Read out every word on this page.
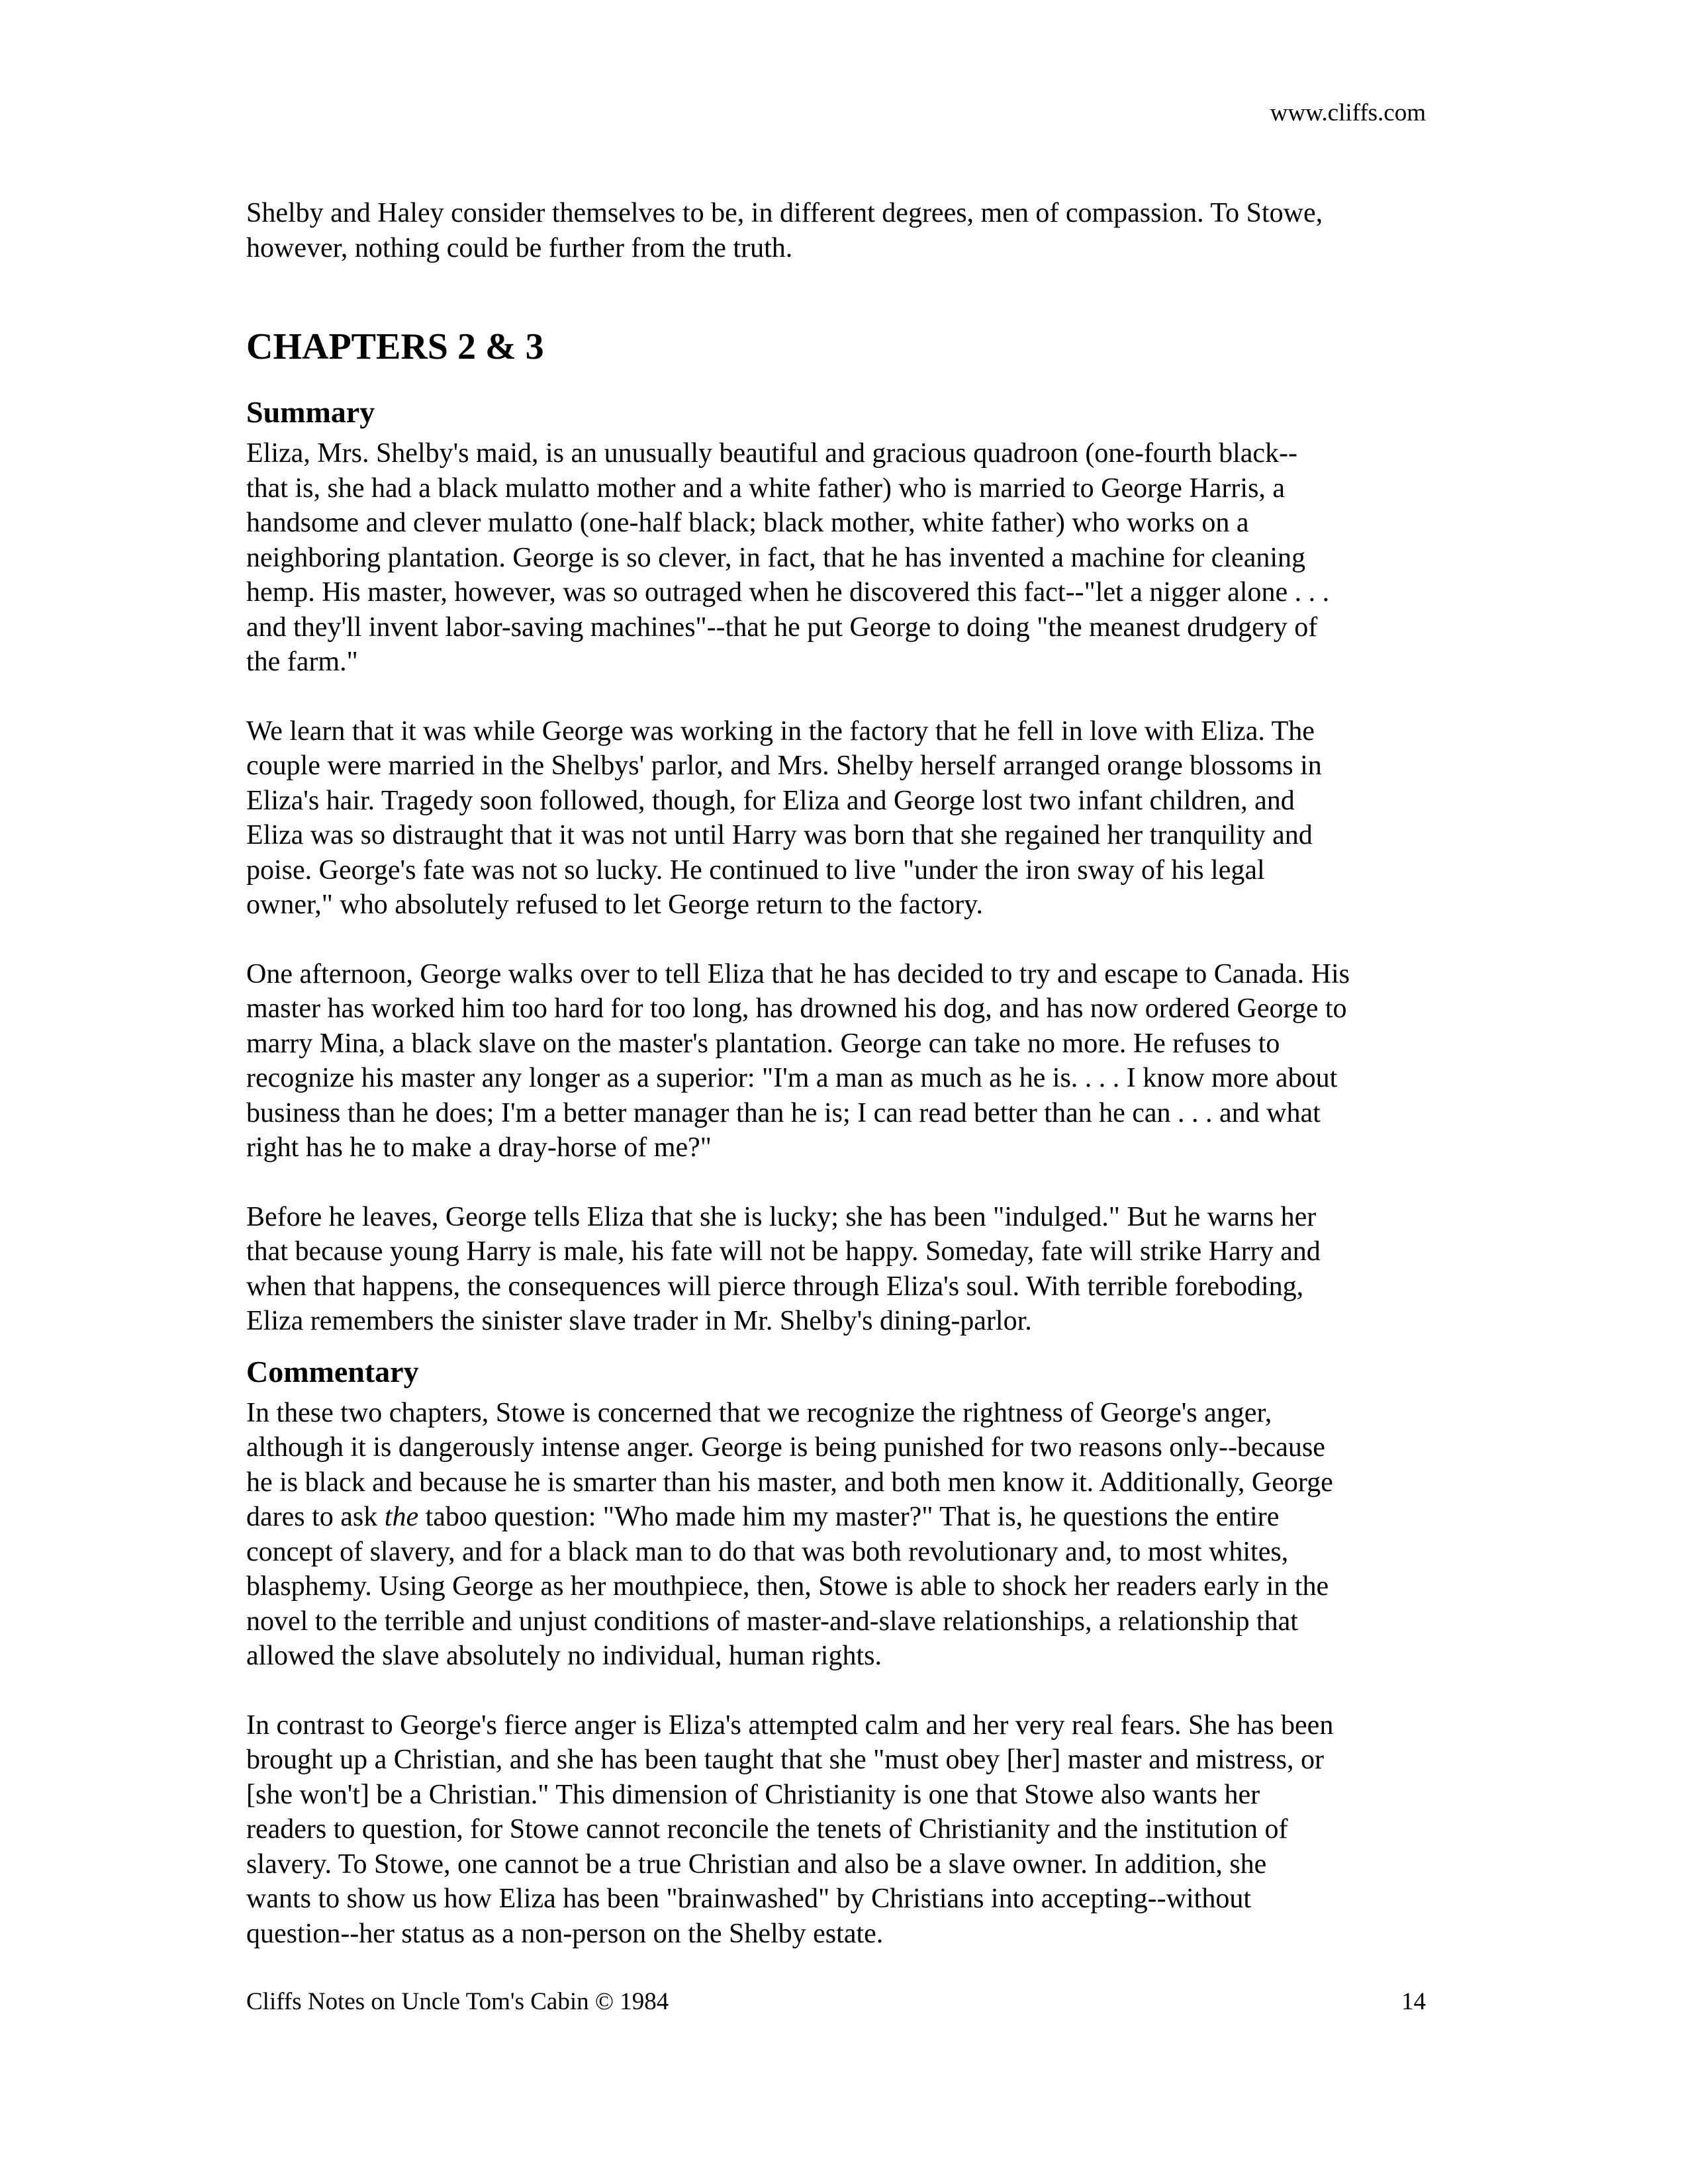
www.cliffs.com

Shelby and Haley consider themselves to be, in different degrees, men of compassion. To Stowe,
however, nothing could be further from the truth.

CHAPTERS 2 & 3
Summary

Eliza, Mrs. Shelby's maid, is an unusually beautiful and gracious quadroon (one-fourth black--
that is, she had a black mulatto mother and a white father) who is married to George Harris, a
handsome and clever mulatto (one-half black; black mother, white father) who works on a
neighboring plantation. George is so clever, in fact, that he has invented a machine for cleaning
hemp. His master, however, was so outraged when he discovered this fact--"let a nigger alone . . .
and they'll invent labor-saving machines"--that he put George to doing "the meanest drudgery of
the farm."

We learn that it was while George was working in the factory that he fell in love with Eliza. The
couple were married in the Shelbys' parlor, and Mrs. Shelby herself arranged orange blossoms in
Eliza's hair. Tragedy soon followed, though, for Eliza and George lost two infant children, and
Eliza was so distraught that it was not until Harry was born that she regained her tranquility and
poise. George's fate was not so lucky. He continued to live "under the iron sway of his legal
owner," who absolutely refused to let George return to the factory.

One afternoon, George walks over to tell Eliza that he has decided to try and escape to Canada. His
master has worked him too hard for too long, has drowned his dog, and has now ordered George to
marry Mina, a black slave on the master's plantation. George can take no more. He refuses to
recognize his master any longer as a superior: "I'm a man as much as he is. . . . I know more about
business than he does; I'm a better manager than he is; I can read better than he can . . . and what
right has he to make a dray-horse of me?"

Before he leaves, George tells Eliza that she is lucky; she has been "indulged." But he warns her
that because young Harry is male, his fate will not be happy. Someday, fate will strike Harry and
when that happens, the consequences will pierce through Eliza's soul. With terrible foreboding,
Eliza remembers the sinister slave trader in Mr. Shelby's dining-parlor.

Commentary

In these two chapters, Stowe is concerned that we recognize the rightness of George's anger,
although it is dangerously intense anger. George is being punished for two reasons only--because
he is black and because he is smarter than his master, and both men know it. Additionally, George
dares to ask the taboo question: "Who made him my master?" That is, he questions the entire
concept of slavery, and for a black man to do that was both revolutionary and, to most whites,
blasphemy. Using George as her mouthpiece, then, Stowe is able to shock her readers early in the
novel to the terrible and unjust conditions of master-and-slave relationships, a relationship that
allowed the slave absolutely no individual, human rights.

In contrast to George's fierce anger is Eliza's attempted calm and her very real fears. She has been
brought up a Christian, and she has been taught that she "must obey [her] master and mistress, or
[she won't] be a Christian." This dimension of Christianity is one that Stowe also wants her
readers to question, for Stowe cannot reconcile the tenets of Christianity and the institution of
slavery. To Stowe, one cannot be a true Christian and also be a slave owner. In addition, she
wants to show us how Eliza has been "brainwashed" by Christians into accepting--without
question--her status as a non-person on the Shelby estate.

Cliffs Notes on Uncle Tom's Cabin © 1984	14
